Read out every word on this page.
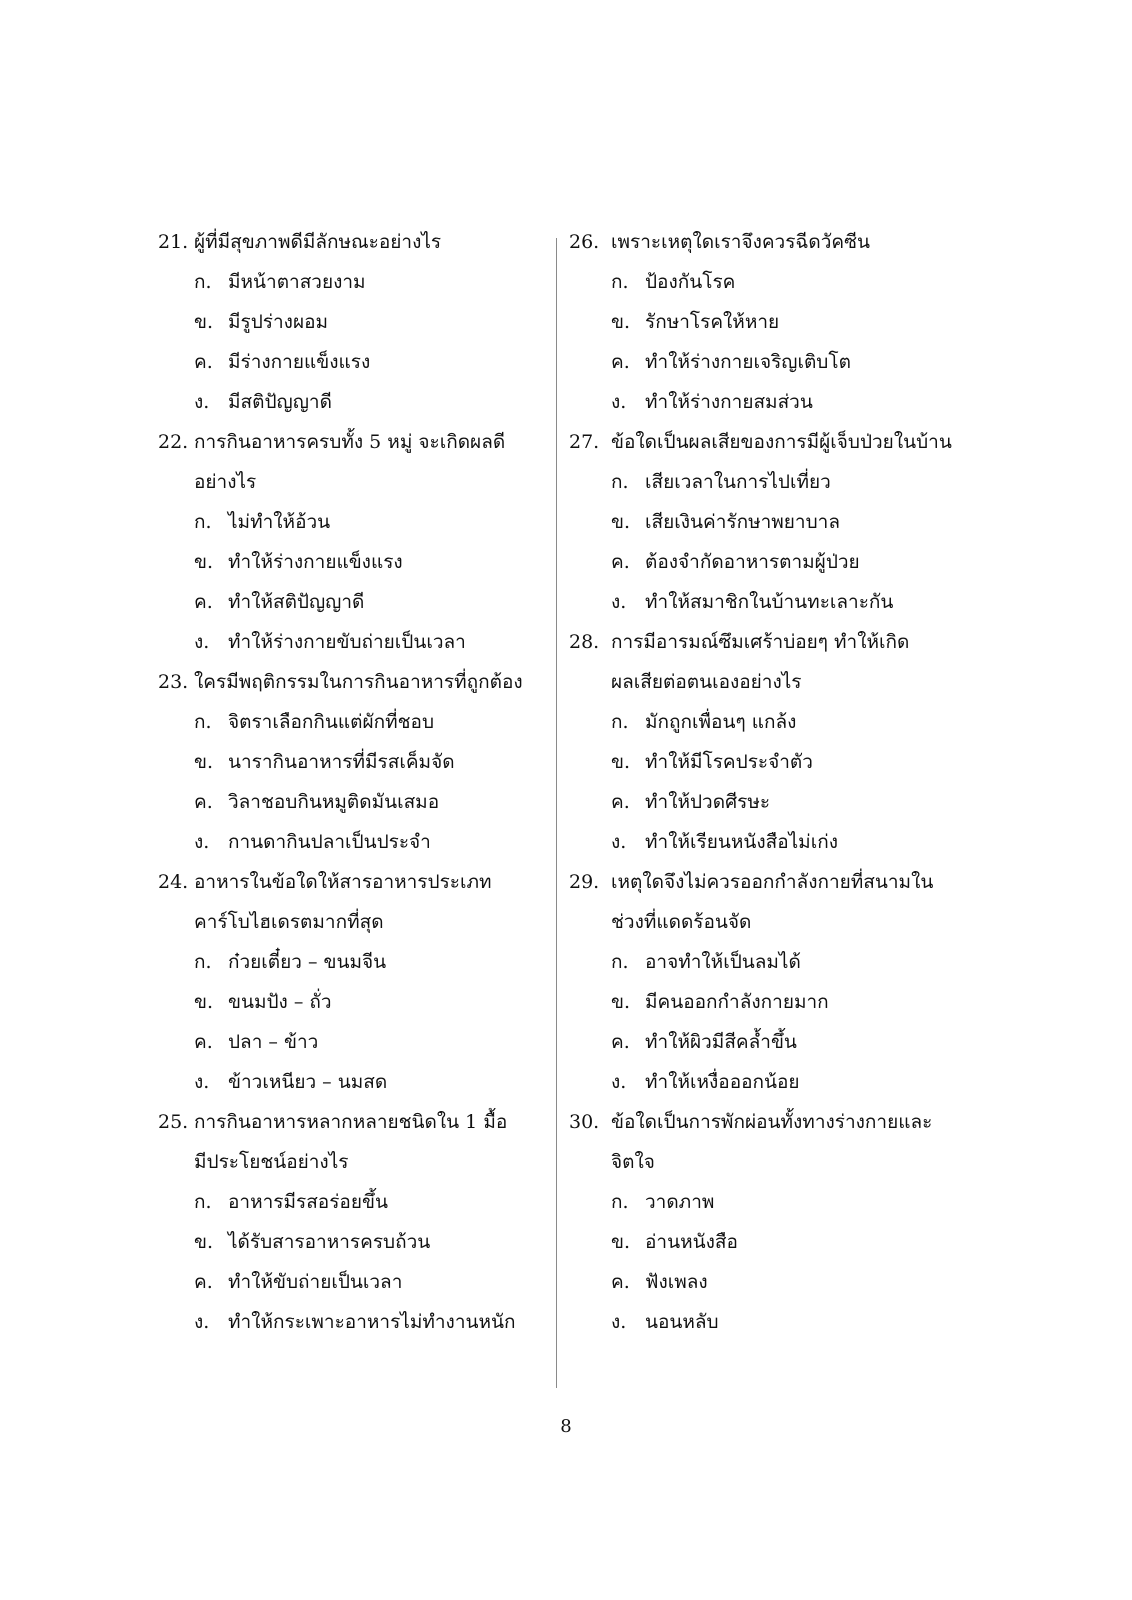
21. ผู้ที่มีสุขภาพดีมีลักษณะอย่างไร
ก. มีหน้าตาสวยงาม
ข. มีรูปร่างผอม
ค. มีร่างกายแข็งแรง
ง. มีสติปัญญาดี
22. การกินอาหารครบทั้ง 5 หมู่ จะเกิดผลดี
อย่างไร
ก. ไม่ทำให้อ้วน
ข. ทำให้ร่างกายแข็งแรง
ค. ทำให้สติปัญญาดี
ง. ทำให้ร่างกายขับถ่ายเป็นเวลา
23. ใครมีพฤติกรรมในการกินอาหารที่ถูกต้อง
ก. จิตราเลือกกินแต่ผักที่ชอบ
ข. นารากินอาหารที่มีรสเค็มจัด
ค. วิลาชอบกินหมูติดมันเสมอ
ง. กานดากินปลาเป็นประจำ
24. อาหารในข้อใดให้สารอาหารประเภท
คาร์โบไฮเดรตมากที่สุด
ก. ก๋วยเตี๋ยว – ขนมจีน
ข. ขนมปัง – ถั่ว
ค. ปลา – ข้าว
ง. ข้าวเหนียว – นมสด
25. การกินอาหารหลากหลายชนิดใน 1 มื้อ
มีประโยชน์อย่างไร
ก. อาหารมีรสอร่อยขึ้น
ข. ได้รับสารอาหารครบถ้วน
ค. ทำให้ขับถ่ายเป็นเวลา
ง. ทำให้กระเพาะอาหารไม่ทำงานหนัก
26. เพราะเหตุใดเราจึงควรฉีดวัคซีน
ก. ป้องกันโรค
ข. รักษาโรคให้หาย
ค. ทำให้ร่างกายเจริญเติบโต
ง. ทำให้ร่างกายสมส่วน
27. ข้อใดเป็นผลเสียของการมีผู้เจ็บป่วยในบ้าน
ก. เสียเวลาในการไปเที่ยว
ข. เสียเงินค่ารักษาพยาบาล
ค. ต้องจำกัดอาหารตามผู้ป่วย
ง. ทำให้สมาชิกในบ้านทะเลาะกัน
28. การมีอารมณ์ซึมเศร้าบ่อยๆ ทำให้เกิด
ผลเสียต่อตนเองอย่างไร
ก. มักถูกเพื่อนๆ แกล้ง
ข. ทำให้มีโรคประจำตัว
ค. ทำให้ปวดศีรษะ
ง. ทำให้เรียนหนังสือไม่เก่ง
29. เหตุใดจึงไม่ควรออกกำลังกายที่สนามใน
ช่วงที่แดดร้อนจัด
ก. อาจทำให้เป็นลมได้
ข. มีคนออกกำลังกายมาก
ค. ทำให้ผิวมีสีคล้ำขึ้น
ง. ทำให้เหงื่อออกน้อย
30. ข้อใดเป็นการพักผ่อนทั้งทางร่างกายและ
จิตใจ
ก. วาดภาพ
ข. อ่านหนังสือ
ค. ฟังเพลง
ง. นอนหลับ
8
